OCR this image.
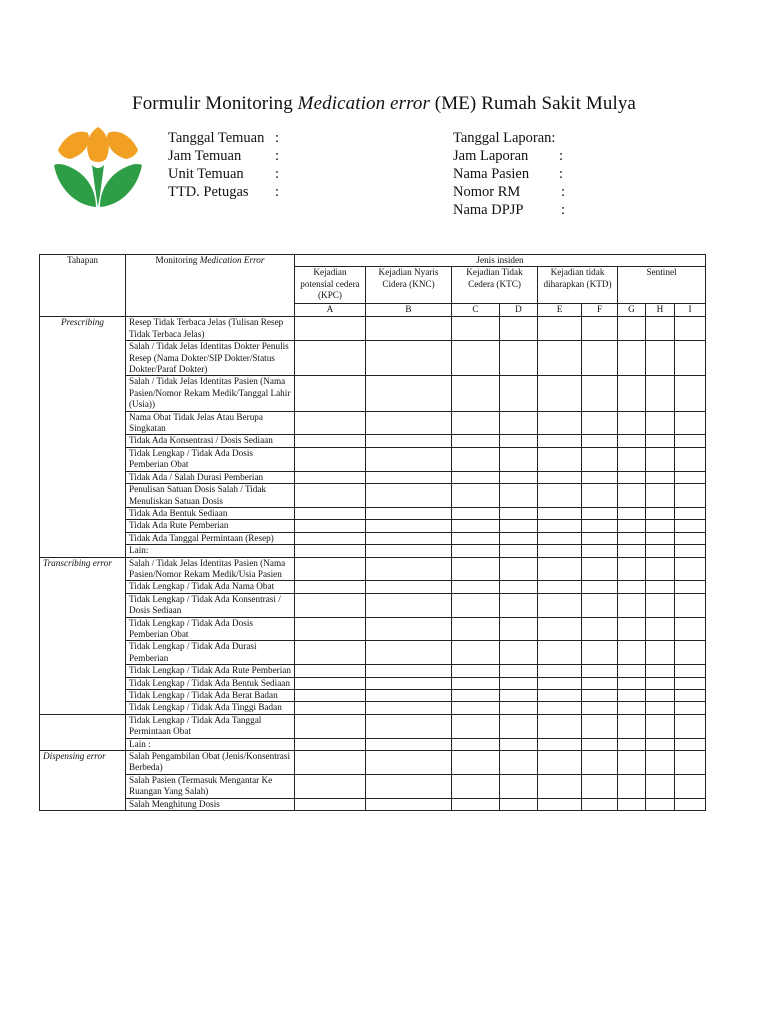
Formulir Monitoring Medication error (ME) Rumah Sakit Mulya
Tanggal Temuan :
Jam Temuan :
Unit Temuan :
TTD. Petugas :
Tanggal Laporan:
Jam Laporan :
Nama Pasien :
Nomor RM	:
Nama DPJP	:
Tahapan	Monitoring Medication Error	Jenis insiden								
		Kejadian potensial cedera (KPC)	Kejadian Nyaris Cidera (KNC)	Kejadian Tidak Cedera (KTC)		Kejadian tidak diharapkan (KTD)		Sentinel		
		A	B	C	D	E	F	G	H	I
Prescribing	Resep Tidak Terbaca Jelas (Tulisan Resep Tidak Terbaca Jelas)									
	Salah / Tidak Jelas Identitas Dokter Penulis Resep (Nama Dokter/SIP Dokter/Status Dokter/Paraf Dokter)									
	Salah / Tidak Jelas Identitas Pasien (Nama Pasien/Nomor Rekam Medik/Tanggal Lahir (Usia))									
	Nama Obat Tidak Jelas Atau Berupa Singkatan									
	Tidak Ada Konsentrasi / Dosis Sediaan									
	Tidak Lengkap / Tidak Ada Dosis Pemberian Obat									
	Tidak Ada / Salah Durasi Pemberian									
	Penulisan Satuan Dosis Salah / Tidak Menuliskan Satuan Dosis									
	Tidak Ada Bentuk Sediaan									
	Tidak Ada Rute Pemberian									
	Tidak Ada Tanggal Permintaan (Resep)									
	Lain:									
Transcribing error	Salah / Tidak Jelas Identitas Pasien (Nama Pasien/Nomor Rekam Medik/Usia Pasien									
	Tidak Lengkap / Tidak Ada Nama Obat									
	Tidak Lengkap / Tidak Ada Konsentrasi / Dosis Sediaan									
	Tidak Lengkap / Tidak Ada Dosis Pemberian Obat									
	Tidak Lengkap / Tidak Ada Durasi Pemberian									
	Tidak Lengkap / Tidak Ada Rute Pemberian									
	Tidak Lengkap / Tidak Ada Bentuk Sediaan									
	Tidak Lengkap / Tidak Ada Berat Badan									
	Tidak Lengkap / Tidak Ada Tinggi Badan									
	Tidak Lengkap / Tidak Ada Tanggal Permintaan Obat									
	Lain :									
Dispensing error	Salah Pengambilan Obat (Jenis/Konsentrasi Berbeda)									
	Salah Pasien (Termasuk Mengantar Ke Ruangan Yang Salah)									
	Salah Menghitung Dosis									
